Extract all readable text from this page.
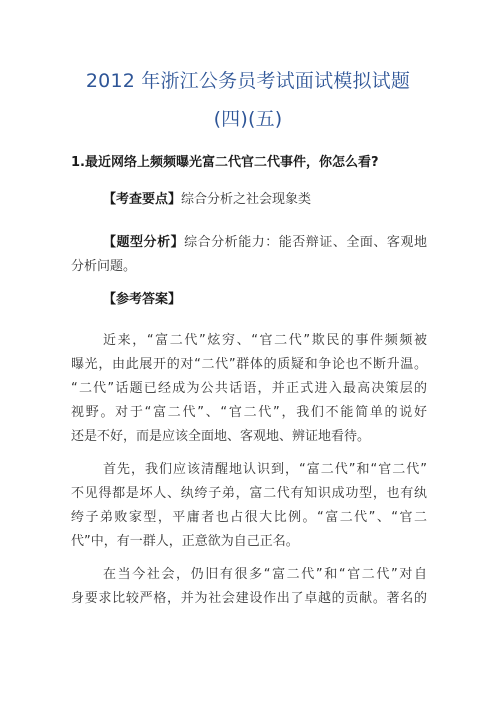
2012 年浙江公务员考试面试模拟试题
(四)(五)
1.最近网络上频频曝光富二代官二代事件，你怎么看?
【考查要点】综合分析之社会现象类
【题型分析】综合分析能力：能否辩证、全面、客观地
分析问题。
【参考答案】
近来，“富二代”炫穷、“官二代”欺民的事件频频被
曝光，由此展开的对“二代”群体的质疑和争论也不断升温。
“二代”话题已经成为公共话语，并正式进入最高决策层的
视野。对于“富二代”、“官二代”，我们不能简单的说好
还是不好，而是应该全面地、客观地、辨证地看待。
首先，我们应该清醒地认识到，“富二代”和“官二代”
不见得都是坏人、纨绔子弟，富二代有知识成功型，也有纨
绔子弟败家型，平庸者也占很大比例。“富二代”、“官二
代”中，有一群人，正意欲为自己正名。
在当今社会，仍旧有很多“富二代”和“官二代”对自
身要求比较严格，并为社会建设作出了卓越的贡献。著名的
